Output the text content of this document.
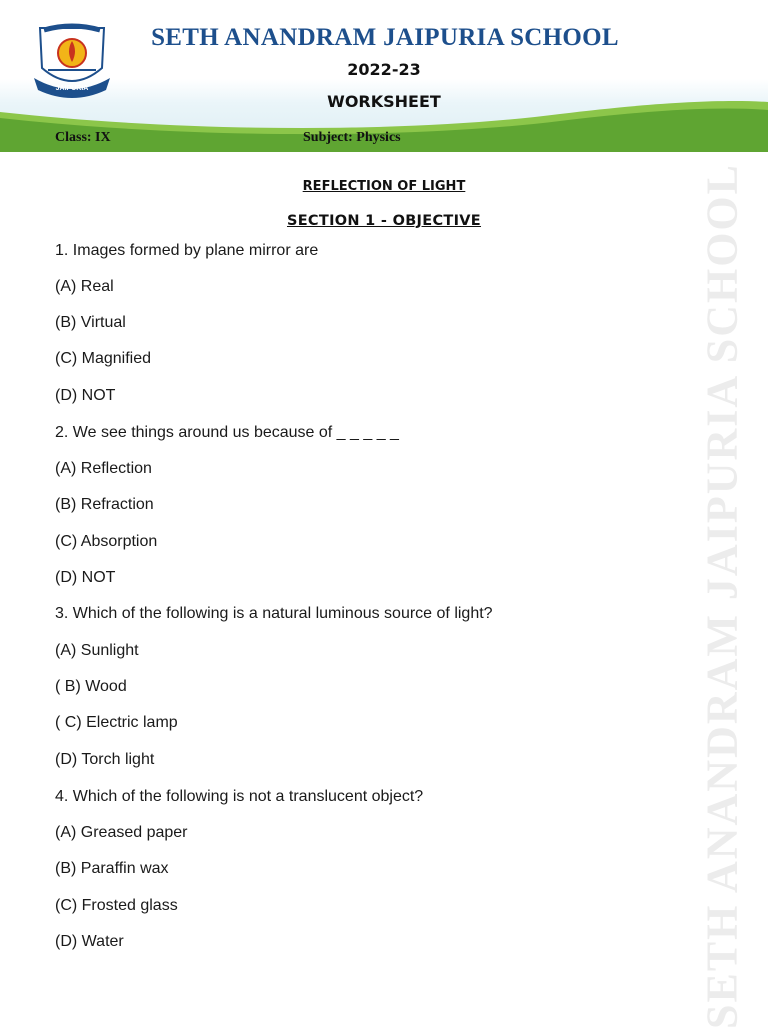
JAIPURIA
SETH ANANDRAM JAIPURIA SCHOOL
2022-23
WORKSHEET
Class: IX	Subject: Physics
SETH ANANDRAM JAIPURIA SCHOOL
REFLECTION OF LIGHT
SECTION 1 - OBJECTIVE
1. Images formed by plane mirror are
(A) Real
(B) Virtual
(C) Magnified
(D) NOT
2. We see things around us because of _ _ _ _ _
(A) Reflection
(B) Refraction
(C) Absorption
(D) NOT
3. Which of the following is a natural luminous source of light?
(A) Sunlight
( B) Wood
( C) Electric lamp
(D) Torch light
4. Which of the following is not a translucent object?
(A) Greased paper
(B) Paraffin wax
(C) Frosted glass
(D) Water
